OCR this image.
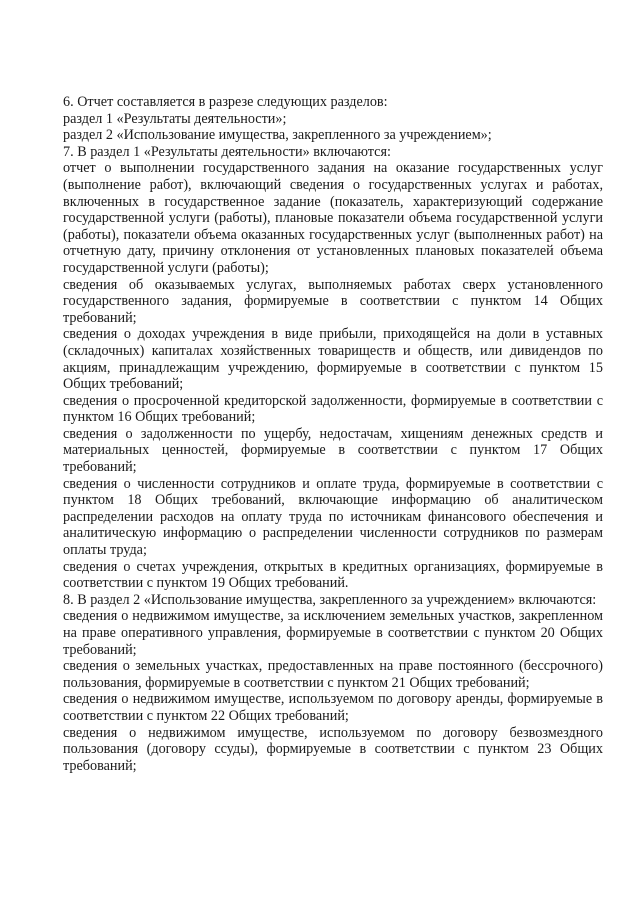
6. Отчет составляется в разрезе следующих разделов:

раздел 1 «Результаты деятельности»;

раздел 2 «Использование имущества, закрепленного за учреждением»;

7. В раздел 1 «Результаты деятельности» включаются:

отчет о выполнении государственного задания на оказание государственных услуг (выполнение работ), включающий сведения о государственных услугах и работах, включенных в государственное задание (показатель, характеризующий содержание государственной услуги (работы), плановые показатели объема государственной услуги (работы), показатели объема оказанных государственных услуг (выполненных работ) на отчетную дату, причину отклонения от установленных плановых показателей объема государственной услуги (работы);

сведения об оказываемых услугах, выполняемых работах сверх установленного государственного задания, формируемые в соответствии с пунктом 14 Общих требований;

сведения о доходах учреждения в виде прибыли, приходящейся на доли в уставных (складочных) капиталах хозяйственных товариществ и обществ, или дивидендов по акциям, принадлежащим учреждению, формируемые в соответствии с пунктом 15 Общих требований;

сведения о просроченной кредиторской задолженности, формируемые в соответствии с пунктом 16 Общих требований;

сведения о задолженности по ущербу, недостачам, хищениям денежных средств и материальных ценностей, формируемые в соответствии с пунктом 17 Общих требований;

сведения о численности сотрудников и оплате труда, формируемые в соответствии с пунктом 18 Общих требований, включающие информацию об аналитическом распределении расходов на оплату труда по источникам финансового обеспечения и аналитическую информацию о распределении численности сотрудников по размерам оплаты труда;

сведения о счетах учреждения, открытых в кредитных организациях, формируемые в соответствии с пунктом 19 Общих требований.

8. В раздел 2 «Использование имущества, закрепленного за учреждением» включаются:

сведения о недвижимом имуществе, за исключением земельных участков, закрепленном на праве оперативного управления, формируемые в соответствии с пунктом 20 Общих требований;

сведения о земельных участках, предоставленных на праве постоянного (бессрочного) пользования, формируемые в соответствии с пунктом 21 Общих требований;

сведения о недвижимом имуществе, используемом по договору аренды, формируемые в соответствии с пунктом 22 Общих требований;

сведения о недвижимом имуществе, используемом по договору безвозмездного пользования (договору ссуды), формируемые в соответствии с пунктом 23 Общих требований;
